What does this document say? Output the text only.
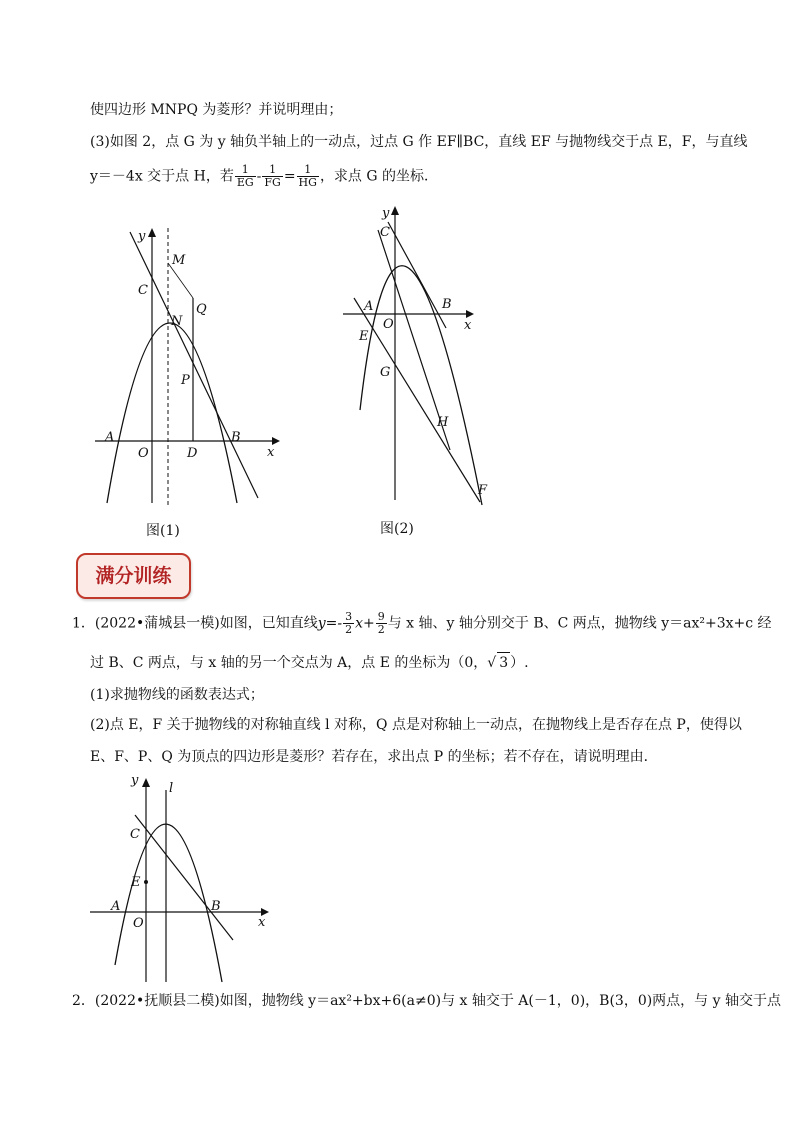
使四边形 MNPQ 为菱形？并说明理由；
(3)如图 2，点 G 为 y 轴负半轴上的一动点，过点 G 作 EF∥BC，直线 EF 与抛物线交于点 E，F，与直线
y＝－4x 交于点 H，若 $\frac{1}{EG} - \frac{1}{FG} = \frac{1}{HG}$ ，求点 G 的坐标．
y
M
C
N
Q
P
A
O	D
B
x
图(1)
y
C
A	B
O	x
E
G
H
F
图(2)
满分训练
1．(2022•蒲城县一模)如图，已知直线$y=- \frac{3}{2} x+ \frac{9}{2}$ 与 x 轴、y 轴分别交于 B、C 两点，抛物线 y＝ax²+3x+c 经
过 B、C 两点，与 x 轴的另一个交点为 A，点 E 的坐标为（0，√ 3 ）.
(1)求抛物线的函数表达式；
(2)点 E，F 关于抛物线的对称轴直线 l 对称，Q 点是对称轴上一动点，在抛物线上是否存在点 P，使得以
E、F、P、Q 为顶点的四边形是菱形？若存在，求出点 P 的坐标；若不存在，请说明理由．
y
l
C
E
A
O
B
x
2．(2022•抚顺县二模)如图，抛物线 y＝ax²+bx+6(a≠0)与 x 轴交于 A(－1，0)，B(3，0)两点，与 y 轴交于点
